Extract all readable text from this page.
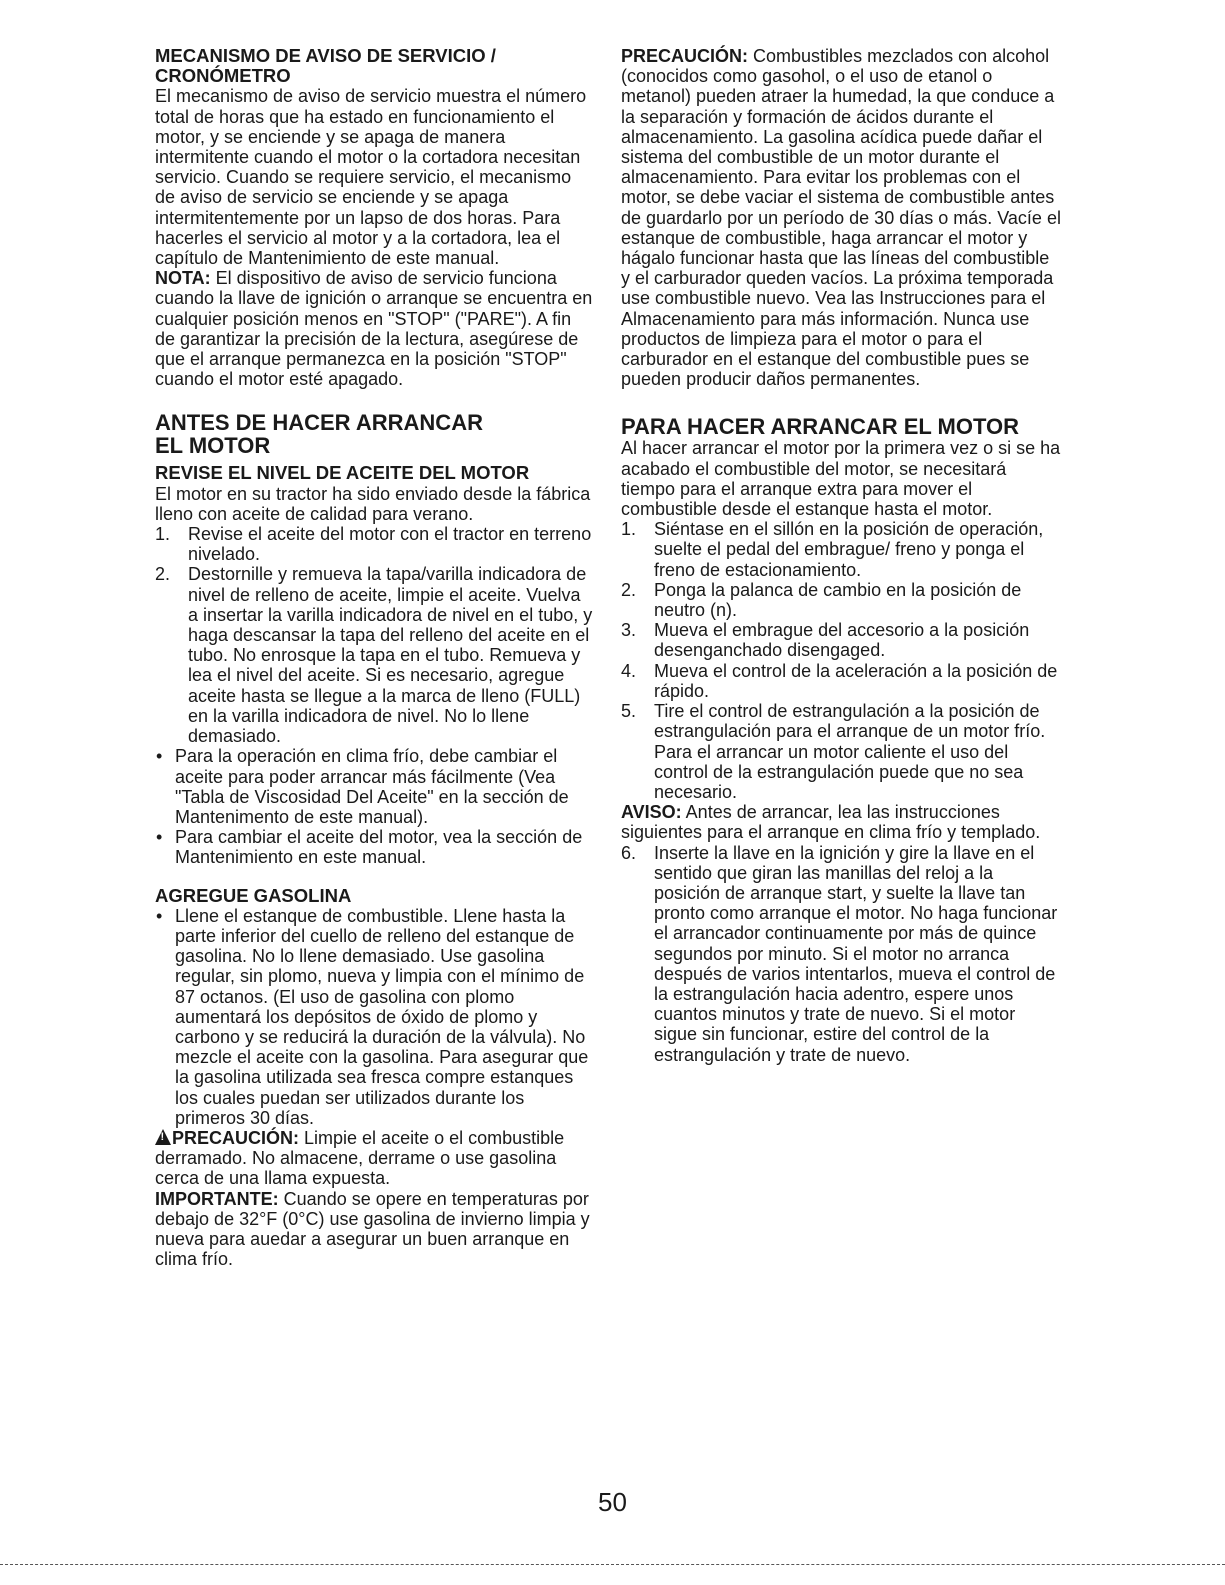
MECANISMO DE AVISO DE SERVICIO / CRONÓMETRO

El mecanismo de aviso de servicio muestra el número total de horas que ha estado en funcionamiento el motor, y se enciende y se apaga de manera intermitente cuando el motor o la cortadora necesitan servicio. Cuando se requiere servicio, el mecanismo de aviso de servicio se enciende y se apaga intermitentemente por un lapso de dos horas. Para hacerles el servicio al motor y a la cortadora, lea el capítulo de Mantenimiento de este manual.

NOTA: El dispositivo de aviso de servicio funciona cuando la llave de ignición o arranque se encuentra en cualquier posición menos en "STOP" ("PARE"). A fin de garantizar la precisión de la lectura, asegúrese de que el arranque permanezca en la posición "STOP" cuando el motor esté apagado.

ANTES DE HACER ARRANCAR
EL MOTOR
REVISE EL NIVEL DE ACEITE DEL MOTOR

El motor en su tractor ha sido enviado desde la fábrica lleno con aceite de calidad para verano.

1. Revise el aceite del motor con el tractor en terreno nivelado.
2. Destornille y remueva la tapa/varilla indicadora de nivel de relleno de aceite, limpie el aceite. Vuelva a insertar la varilla indicadora de nivel en el tubo, y haga descansar la tapa del relleno del aceite en el tubo. No enrosque la tapa en el tubo. Remueva y lea el nivel del aceite. Si es necesario, agregue aceite hasta se llegue a la marca de lleno (FULL) en la varilla indicadora de nivel. No lo llene demasiado.
• Para la operación en clima frío, debe cambiar el aceite para poder arrancar más fácilmente (Vea "Tabla de Viscosidad Del Aceite" en la sección de Mantenimento de este manual).
• Para cambiar el aceite del motor, vea la sección de Mantenimiento en este manual.
AGREGUE GASOLINA
• Llene el estanque de combustible. Llene hasta la parte inferior del cuello de relleno del estanque de gasolina. No lo llene demasiado. Use gasolina regular, sin plomo, nueva y limpia con el mínimo de 87 octanos. (El uso de gasolina con plomo aumentará los depósitos de óxido de plomo y carbono y se reducirá la duración de la válvula). No mezcle el aceite con la gasolina. Para asegurar que la gasolina utilizada sea fresca compre estanques los cuales puedan ser utilizados durante los primeros 30 días.

!PRECAUCIÓN: Limpie el aceite o el combustible derramado. No almacene, derrame o use gasolina cerca de una llama expuesta.

IMPORTANTE: Cuando se opere en temperaturas por debajo de 32°F (0°C) use gasolina de invierno limpia y nueva para auedar a asegurar un buen arranque en clima frío.

PRECAUCIÓN: Combustibles mezclados con alcohol (conocidos como gasohol, o el uso de etanol o metanol) pueden atraer la humedad, la que conduce a la separación y formación de ácidos durante el almacenamiento. La gasolina acídica puede dañar el sistema del combustible de un motor durante el almacenamiento. Para evitar los problemas con el motor, se debe vaciar el sistema de combustible antes de guardarlo por un período de 30 días o más. Vacíe el estanque de combustible, haga arrancar el motor y hágalo funcionar hasta que las líneas del combustible y el carburador queden vacíos. La próxima temporada use combustible nuevo. Vea las Instrucciones para el Almacenamiento para más información. Nunca use productos de limpieza para el motor o para el carburador en el estanque del combustible pues se pueden producir daños permanentes.

PARA HACER ARRANCAR EL MOTOR

Al hacer arrancar el motor por la primera vez o si se ha acabado el combustible del motor, se necesitará tiempo para el arranque extra para mover el combustible desde el estanque hasta el motor.

1. Siéntase en el sillón en la posición de operación, suelte el pedal del embrague/ freno y ponga el freno de estacionamiento.
2. Ponga la palanca de cambio en la posición de neutro (n).
3. Mueva el embrague del accesorio a la posición desenganchado disengaged.
4. Mueva el control de la aceleración a la posición de rápido.
5. Tire el control de estrangulación a la posición de estrangulación para el arranque de un motor frío. Para el arrancar un motor caliente el uso del control de la estrangulación puede que no sea necesario.

AVISO: Antes de arrancar, lea las instrucciones siguientes para el arranque en clima frío y templado.

6. Inserte la llave en la ignición y gire la llave en el sentido que giran las manillas del reloj a la posición de arranque start, y suelte la llave tan pronto como arranque el motor. No haga funcionar el arrancador continuamente por más de quince segundos por minuto. Si el motor no arranca después de varios intentarlos, mueva el control de la estrangulación hacia adentro, espere unos cuantos minutos y trate de nuevo. Si el motor sigue sin funcionar, estire del control de la estrangulación y trate de nuevo.
50
